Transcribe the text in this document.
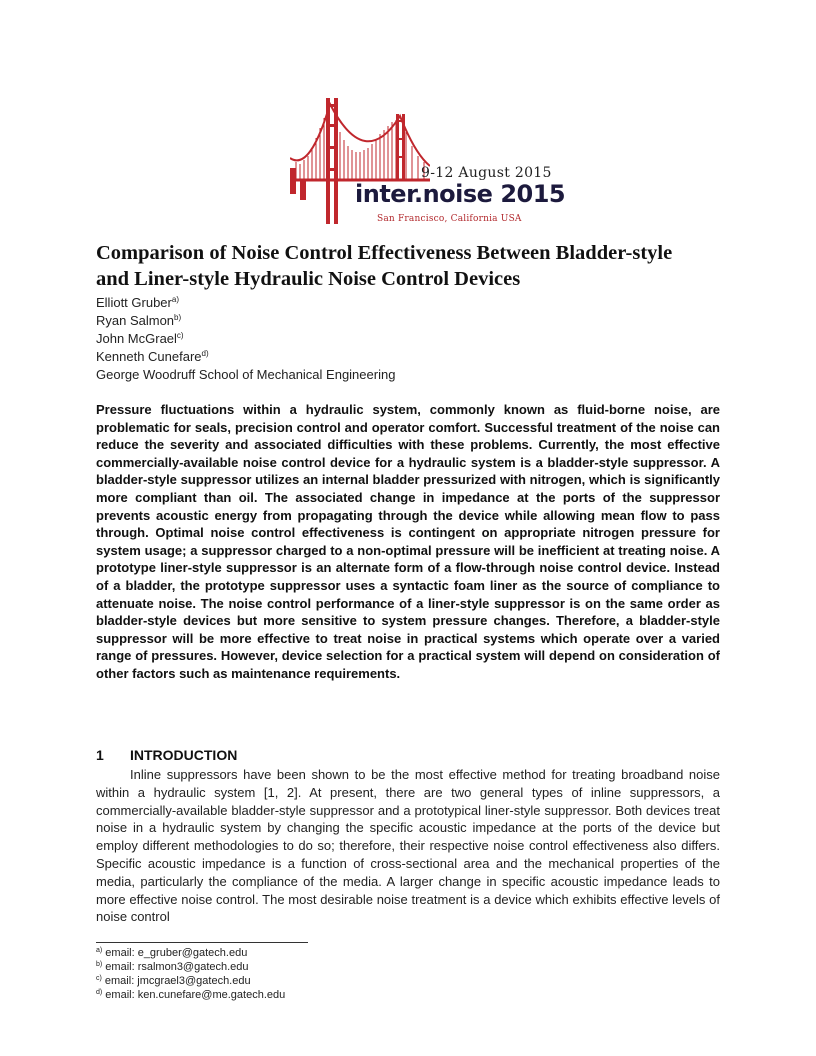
9-12 August 2015
inter.noise 2015
San Francisco, California USA
Comparison of Noise Control Effectiveness Between Bladder-style
and Liner-style Hydraulic Noise Control Devices
Elliott Gruber$^{a)}$
Ryan Salmon$^{b)}$
John McGrael$^{c)}$
Kenneth Cunefare$^{d)}$
George Woodruff School of Mechanical Engineering
Pressure fluctuations within a hydraulic system, commonly known as fluid-borne noise, are problematic for seals, precision control and operator comfort. Successful treatment of the noise can reduce the severity and associated difficulties with these problems. Currently, the most effective commercially-available noise control device for a hydraulic system is a bladder-style suppressor. A bladder-style suppressor utilizes an internal bladder pressurized with nitrogen, which is significantly more compliant than oil. The associated change in impedance at the ports of the suppressor prevents acoustic energy from propagating through the device while allowing mean flow to pass through. Optimal noise control effectiveness is contingent on appropriate nitrogen pressure for system usage; a suppressor charged to a non-optimal pressure will be inefficient at treating noise. A prototype liner-style suppressor is an alternate form of a flow-through noise control device. Instead of a bladder, the prototype suppressor uses a syntactic foam liner as the source of compliance to attenuate noise. The noise control performance of a liner-style suppressor is on the same order as bladder-style devices but more sensitive to system pressure changes. Therefore, a bladder-style suppressor will be more effective to treat noise in practical systems which operate over a varied range of pressures. However, device selection for a practical system will depend on consideration of other factors such as maintenance requirements.
1 INTRODUCTION
Inline suppressors have been shown to be the most effective method for treating broadband noise within a hydraulic system [1, 2]. At present, there are two general types of inline suppressors, a commercially-available bladder-style suppressor and a prototypical liner-style suppressor. Both devices treat noise in a hydraulic system by changing the specific acoustic impedance at the ports of the device but employ different methodologies to do so; therefore, their respective noise control effectiveness also differs. Specific acoustic impedance is a function of cross-sectional area and the mechanical properties of the media, particularly the compliance of the media. A larger change in specific acoustic impedance leads to more effective noise control. The most desirable noise treatment is a device which exhibits effective levels of noise control
$^{a)}$ email: e_gruber@gatech.edu
$^{b)}$ email: rsalmon3@gatech.edu
$^{c)}$ email: jmcgrael3@gatech.edu
$^{d)}$ email: ken.cunefare@me.gatech.edu
